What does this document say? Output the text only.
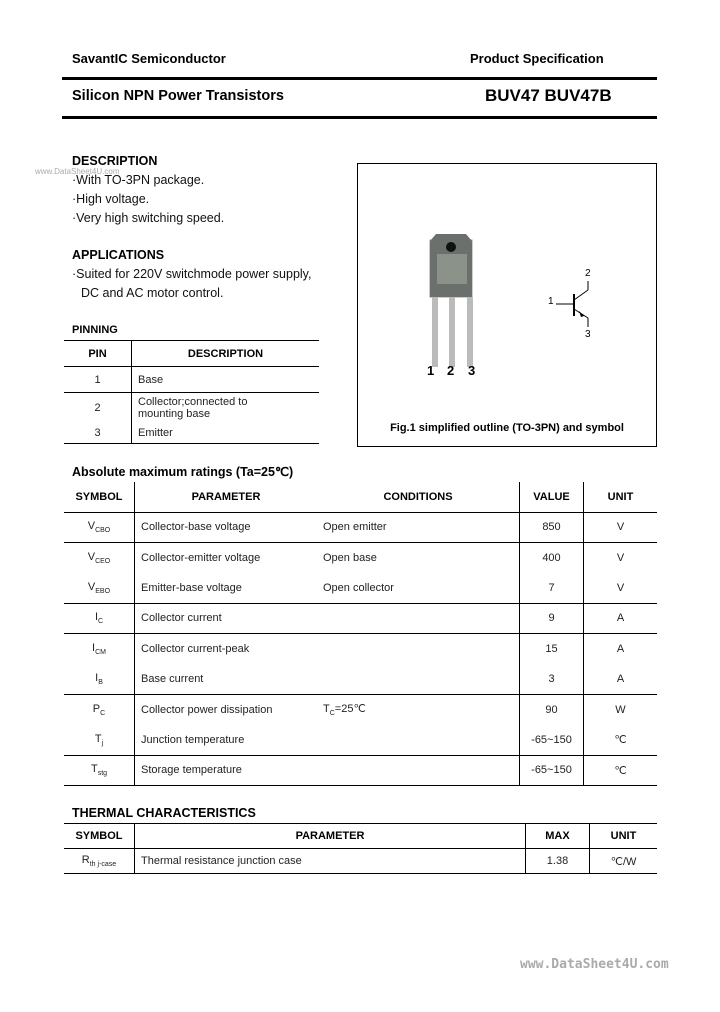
SavantIC Semiconductor	Product Specification
Silicon NPN Power Transistors	BUV47 BUV47B
www.DataSheet4U.com
DESCRIPTION
·With TO-3PN package.
·High voltage.
·Very high switching speed.
APPLICATIONS
·Suited for 220V switchmode power supply,
DC and AC motor control.
PINNING
PIN	DESCRIPTION
1	Base
2	Collector;connected to
mounting base

3	Emitter
1 2 3
1
2
3
Fig.1 simplified outline (TO-3PN) and symbol
Absolute maximum ratings (Ta=25℃)
SYMBOL	PARAMETER	CONDITIONS	VALUE	UNIT
$V_{CBO}$	Collector-base voltage	Open emitter	850	V
$V_{CEO}$	Collector-emitter voltage	Open base	400	V
$V_{EBO}$	Emitter-base voltage	Open collector	7	V
$I_C$	Collector current		9	A
$I_{CM}$	Collector current-peak		15	A
$I_B$	Base current		3	A
$P_C$	Collector power dissipation	$T_C=25℃$	90	W
$T_j$	Junction temperature		-65~150	℃
$T_{stg}$	Storage temperature		-65~150	℃
THERMAL CHARACTERISTICS
SYMBOL	PARAMETER	MAX	UNIT
$R_{th j-case}$	Thermal resistance junction case	1.38	℃/W
www.DataSheet4U.com
